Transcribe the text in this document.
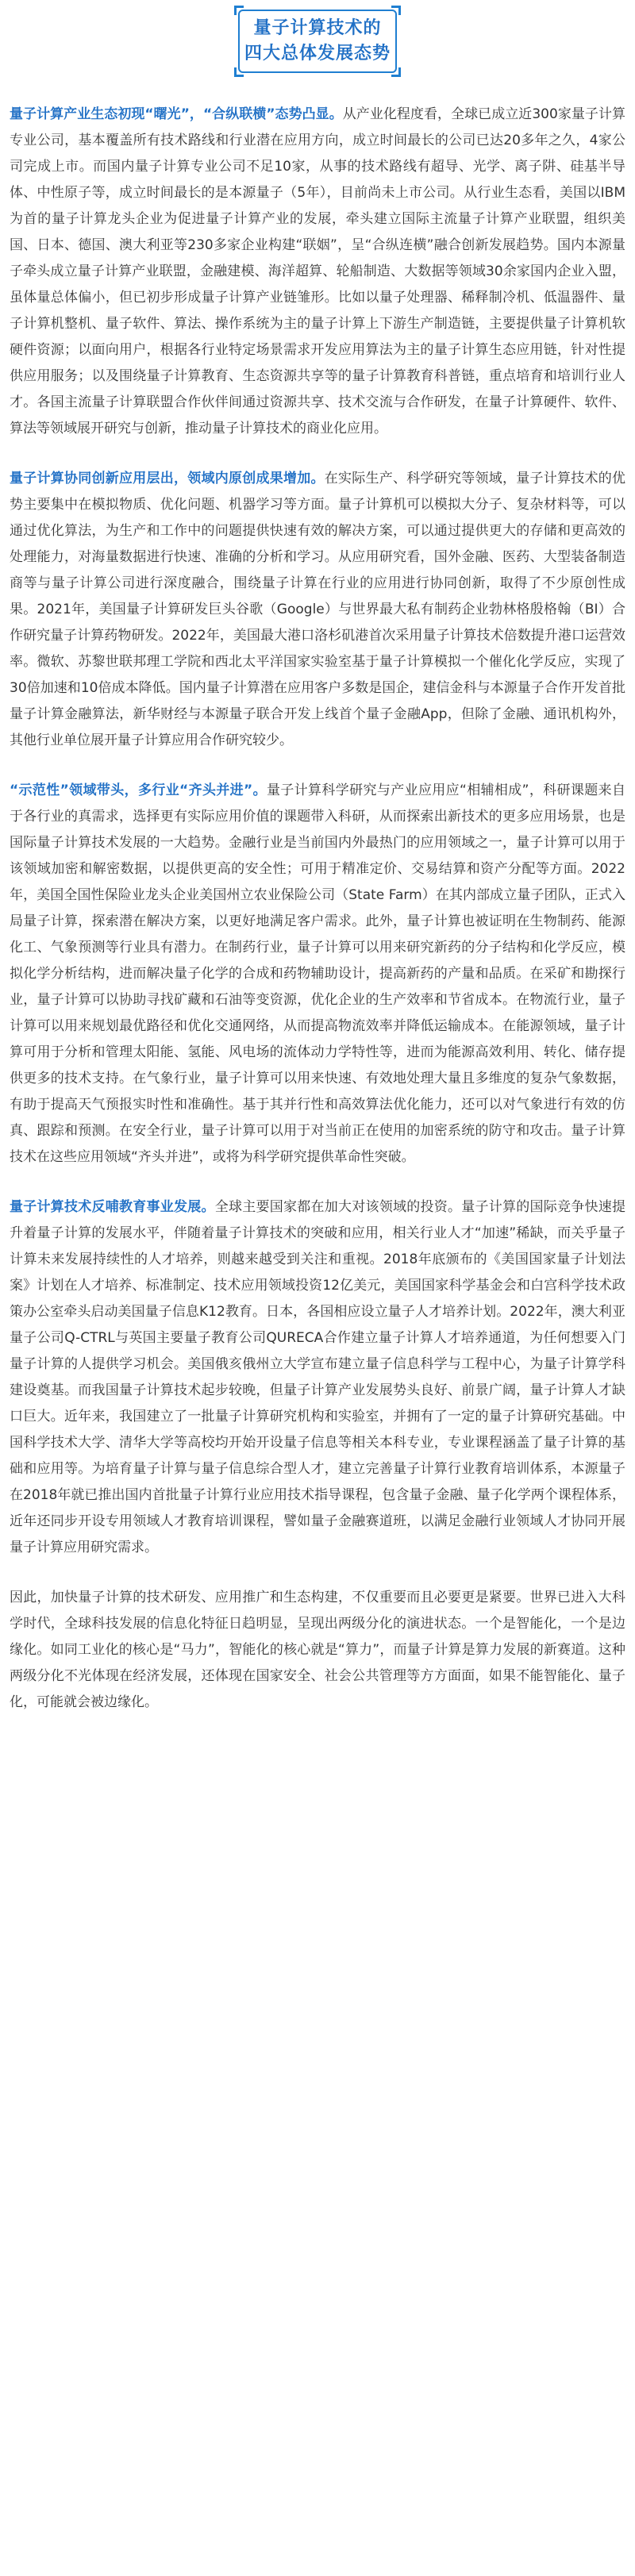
量子计算技术的
四大总体发展态势

量子计算产业生态初现“曙光”，“合纵联横”态势凸显。从产业化程度看，全球已成立近300家量子计算专业公司，基本覆盖所有技术路线和行业潜在应用方向，成立时间最长的公司已达20多年之久，4家公司完成上市。而国内量子计算专业公司不足10家，从事的技术路线有超导、光学、离子阱、硅基半导体、中性原子等，成立时间最长的是本源量子（5年），目前尚未上市公司。从行业生态看，美国以IBM为首的量子计算龙头企业为促进量子计算产业的发展，牵头建立国际主流量子计算产业联盟，组织美国、日本、德国、澳大利亚等230多家企业构建“联姻”，呈“合纵连横”融合创新发展趋势。国内本源量子牵头成立量子计算产业联盟，金融建模、海洋超算、轮船制造、大数据等领域30余家国内企业入盟，虽体量总体偏小，但已初步形成量子计算产业链雏形。比如以量子处理器、稀释制冷机、低温器件、量子计算机整机、量子软件、算法、操作系统为主的量子计算上下游生产制造链，主要提供量子计算机软硬件资源；以面向用户，根据各行业特定场景需求开发应用算法为主的量子计算生态应用链，针对性提供应用服务；以及围绕量子计算教育、生态资源共享等的量子计算教育科普链，重点培育和培训行业人才。各国主流量子计算联盟合作伙伴间通过资源共享、技术交流与合作研发，在量子计算硬件、软件、算法等领域展开研究与创新，推动量子计算技术的商业化应用。

量子计算协同创新应用层出，领域内原创成果增加。在实际生产、科学研究等领域，量子计算技术的优势主要集中在模拟物质、优化问题、机器学习等方面。量子计算机可以模拟大分子、复杂材料等，可以通过优化算法，为生产和工作中的问题提供快速有效的解决方案，可以通过提供更大的存储和更高效的处理能力，对海量数据进行快速、准确的分析和学习。从应用研究看，国外金融、医药、大型装备制造商等与量子计算公司进行深度融合，围绕量子计算在行业的应用进行协同创新，取得了不少原创性成果。2021年，美国量子计算研发巨头谷歌（Google）与世界最大私有制药企业勃林格殷格翰（BI）合作研究量子计算药物研发。2022年，美国最大港口洛杉矶港首次采用量子计算技术倍数提升港口运营效率。微软、苏黎世联邦理工学院和西北太平洋国家实验室基于量子计算模拟一个催化化学反应，实现了30倍加速和10倍成本降低。国内量子计算潜在应用客户多数是国企，建信金科与本源量子合作开发首批量子计算金融算法，新华财经与本源量子联合开发上线首个量子金融App，但除了金融、通讯机构外，其他行业单位展开量子计算应用合作研究较少。

“示范性”领域带头，多行业“齐头并进”。量子计算科学研究与产业应用应“相辅相成”，科研课题来自于各行业的真需求，选择更有实际应用价值的课题带入科研，从而探索出新技术的更多应用场景，也是国际量子计算技术发展的一大趋势。金融行业是当前国内外最热门的应用领域之一，量子计算可以用于该领域加密和解密数据，以提供更高的安全性；可用于精准定价、交易结算和资产分配等方面。2022年，美国全国性保险业龙头企业美国州立农业保险公司（State Farm）在其内部成立量子团队，正式入局量子计算，探索潜在解决方案，以更好地满足客户需求。此外，量子计算也被证明在生物制药、能源化工、气象预测等行业具有潜力。在制药行业，量子计算可以用来研究新药的分子结构和化学反应，模拟化学分析结构，进而解决量子化学的合成和药物辅助设计，提高新药的产量和品质。在采矿和勘探行业，量子计算可以协助寻找矿藏和石油等变资源，优化企业的生产效率和节省成本。在物流行业，量子计算可以用来规划最优路径和优化交通网络，从而提高物流效率并降低运输成本。在能源领域，量子计算可用于分析和管理太阳能、氢能、风电场的流体动力学特性等，进而为能源高效利用、转化、储存提供更多的技术支持。在气象行业，量子计算可以用来快速、有效地处理大量且多维度的复杂气象数据，有助于提高天气预报实时性和准确性。基于其并行性和高效算法优化能力，还可以对气象进行有效的仿真、跟踪和预测。在安全行业，量子计算可以用于对当前正在使用的加密系统的防守和攻击。量子计算技术在这些应用领域“齐头并进”，或将为科学研究提供革命性突破。

量子计算技术反哺教育事业发展。全球主要国家都在加大对该领域的投资。量子计算的国际竞争快速提升着量子计算的发展水平，伴随着量子计算技术的突破和应用，相关行业人才“加速”稀缺，而关乎量子计算未来发展持续性的人才培养，则越来越受到关注和重视。2018年底颁布的《美国国家量子计划法案》计划在人才培养、标准制定、技术应用领域投资12亿美元，美国国家科学基金会和白宫科学技术政策办公室牵头启动美国量子信息K12教育。日本，各国相应设立量子人才培养计划。2022年，澳大利亚量子公司Q-CTRL与英国主要量子教育公司QURECA合作建立量子计算人才培养通道，为任何想要入门量子计算的人提供学习机会。美国俄亥俄州立大学宣布建立量子信息科学与工程中心，为量子计算学科建设奠基。而我国量子计算技术起步较晚，但量子计算产业发展势头良好、前景广阔，量子计算人才缺口巨大。近年来，我国建立了一批量子计算研究机构和实验室，并拥有了一定的量子计算研究基础。中国科学技术大学、清华大学等高校均开始开设量子信息等相关本科专业，专业课程涵盖了量子计算的基础和应用等。为培育量子计算与量子信息综合型人才，建立完善量子计算行业教育培训体系，本源量子在2018年就已推出国内首批量子计算行业应用技术指导课程，包含量子金融、量子化学两个课程体系，近年还同步开设专用领域人才教育培训课程，譬如量子金融赛道班，以满足金融行业领域人才协同开展量子计算应用研究需求。

因此，加快量子计算的技术研发、应用推广和生态构建，不仅重要而且必要更是紧要。世界已进入大科学时代，全球科技发展的信息化特征日趋明显，呈现出两级分化的演进状态。一个是智能化，一个是边缘化。如同工业化的核心是“马力”，智能化的核心就是“算力”，而量子计算是算力发展的新赛道。这种两级分化不光体现在经济发展，还体现在国家安全、社会公共管理等方方面面，如果不能智能化、量子化，可能就会被边缘化。
